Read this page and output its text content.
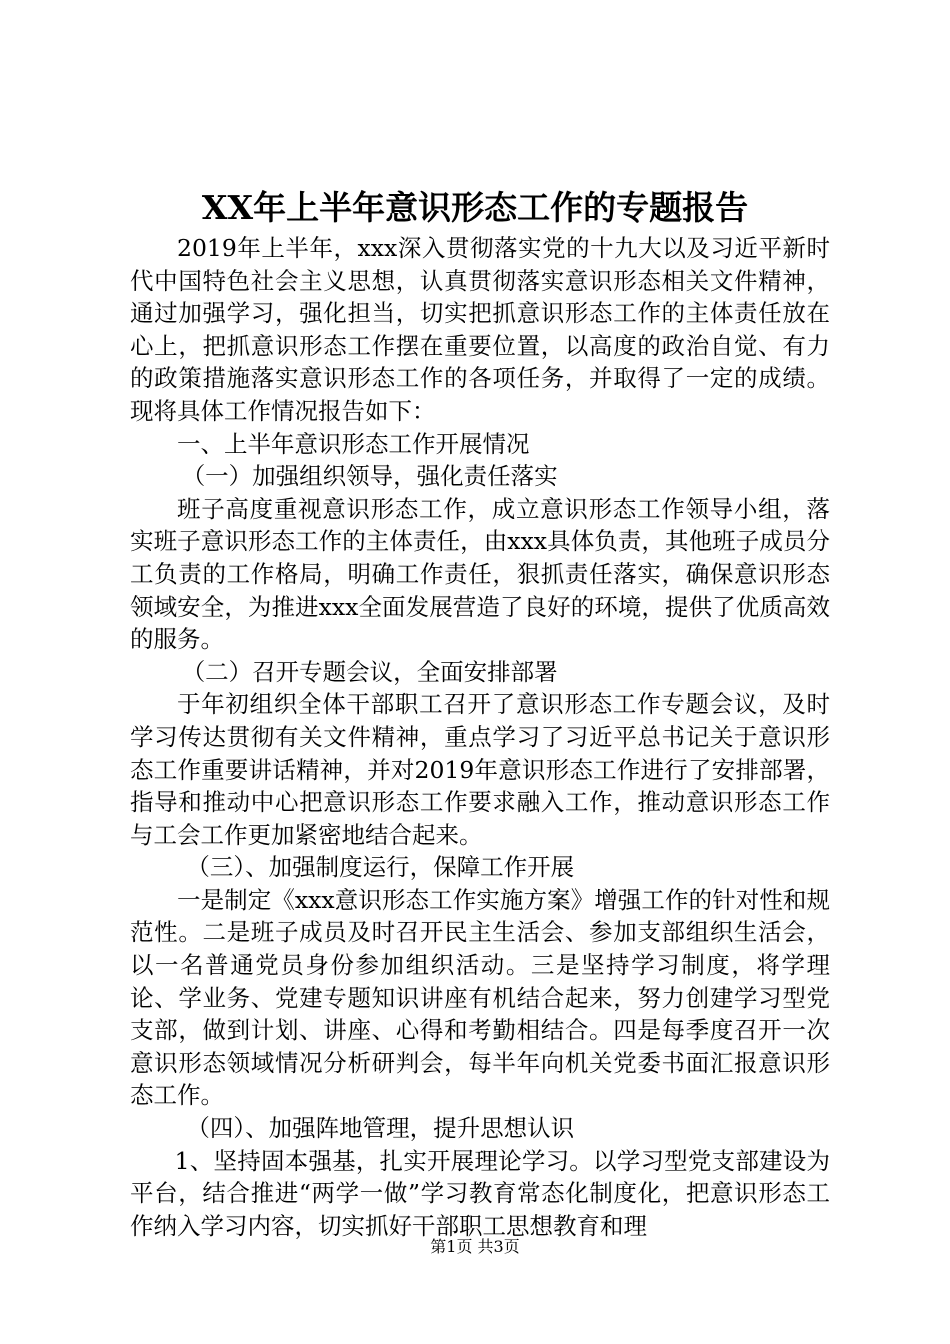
XX年上半年意识形态工作的专题报告

2019年上半年，xxx深入贯彻落实党的十九大以及习近平新时代中国特色社会主义思想，认真贯彻落实意识形态相关文件精神，通过加强学习，强化担当，切实把抓意识形态工作的主体责任放在心上，把抓意识形态工作摆在重要位置，以高度的政治自觉、有力的政策措施落实意识形态工作的各项任务，并取得了一定的成绩。现将具体工作情况报告如下：

一、上半年意识形态工作开展情况

（一）加强组织领导，强化责任落实

班子高度重视意识形态工作，成立意识形态工作领导小组，落实班子意识形态工作的主体责任，由xxx具体负责，其他班子成员分工负责的工作格局，明确工作责任，狠抓责任落实，确保意识形态领域安全，为推进xxx全面发展营造了良好的环境，提供了优质高效的服务。

（二）召开专题会议，全面安排部署

于年初组织全体干部职工召开了意识形态工作专题会议，及时学习传达贯彻有关文件精神，重点学习了习近平总书记关于意识形态工作重要讲话精神，并对2019年意识形态工作进行了安排部署，指导和推动中心把意识形态工作要求融入工作，推动意识形态工作与工会工作更加紧密地结合起来。

（三）、加强制度运行，保障工作开展

一是制定《xxx意识形态工作实施方案》增强工作的针对性和规范性。二是班子成员及时召开民主生活会、参加支部组织生活会，以一名普通党员身份参加组织活动。三是坚持学习制度，将学理论、学业务、党建专题知识讲座有机结合起来，努力创建学习型党支部，做到计划、讲座、心得和考勤相结合。四是每季度召开一次意识形态领域情况分析研判会，每半年向机关党委书面汇报意识形态工作。

（四）、加强阵地管理，提升思想认识

1、坚持固本强基，扎实开展理论学习。以学习型党支部建设为平台，结合推进“两学一做”学习教育常态化制度化，把意识形态工作纳入学习内容，切实抓好干部职工思想教育和理

第1页 共3页
